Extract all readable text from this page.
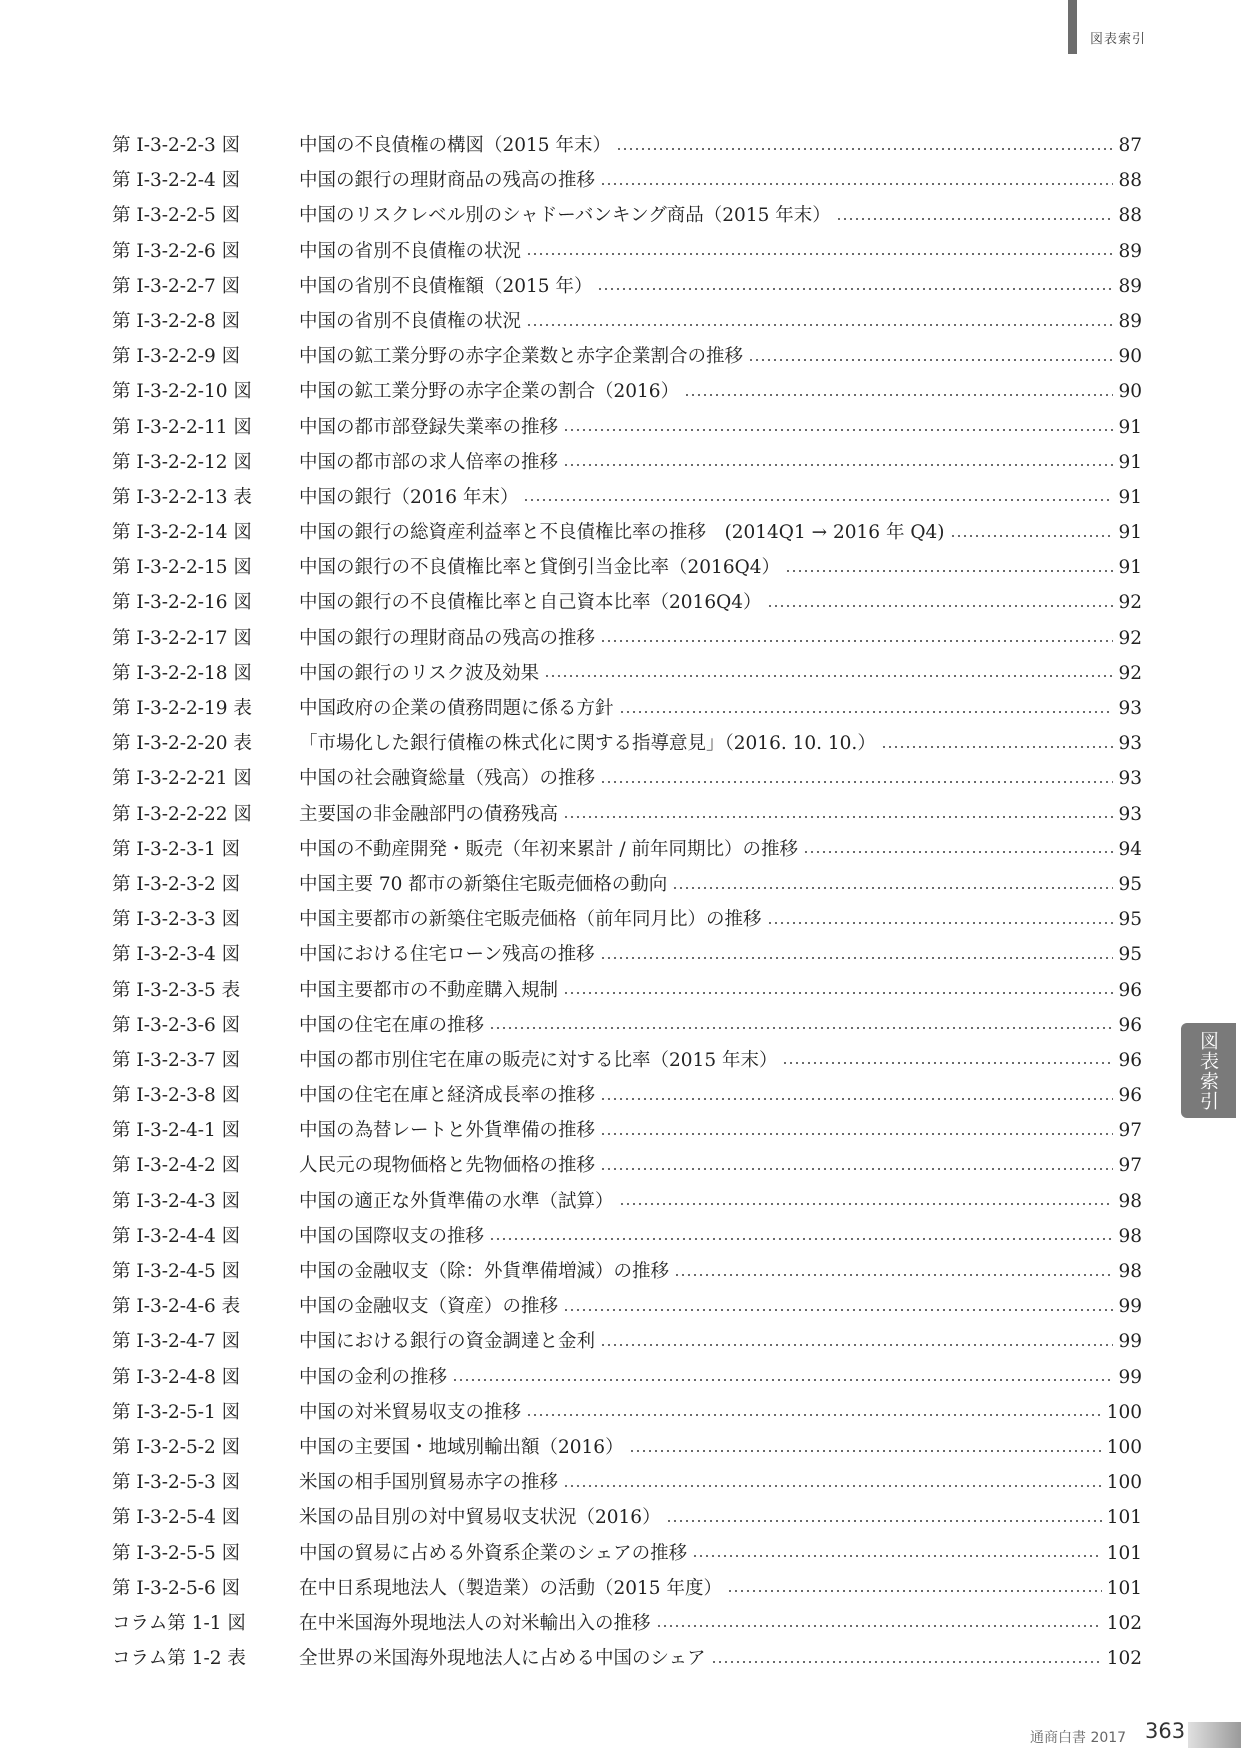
図表索引
第 I-3-2-2-3 図	中国の不良債権の構図（2015 年末）	87
第 I-3-2-2-4 図	中国の銀行の理財商品の残高の推移	88
第 I-3-2-2-5 図	中国のリスクレベル別のシャドーバンキング商品（2015 年末）	88
第 I-3-2-2-6 図	中国の省別不良債権の状況	89
第 I-3-2-2-7 図	中国の省別不良債権額（2015 年）	89
第 I-3-2-2-8 図	中国の省別不良債権の状況	89
第 I-3-2-2-9 図	中国の鉱工業分野の赤字企業数と赤字企業割合の推移	90
第 I-3-2-2-10 図	中国の鉱工業分野の赤字企業の割合（2016）	90
第 I-3-2-2-11 図	中国の都市部登録失業率の推移	91
第 I-3-2-2-12 図	中国の都市部の求人倍率の推移	91
第 I-3-2-2-13 表	中国の銀行（2016 年末）	91
第 I-3-2-2-14 図	中国の銀行の総資産利益率と不良債権比率の推移　(2014Q1 → 2016 年 Q4)	91
第 I-3-2-2-15 図	中国の銀行の不良債権比率と貸倒引当金比率（2016Q4）	91
第 I-3-2-2-16 図	中国の銀行の不良債権比率と自己資本比率（2016Q4）	92
第 I-3-2-2-17 図	中国の銀行の理財商品の残高の推移	92
第 I-3-2-2-18 図	中国の銀行のリスク波及効果	92
第 I-3-2-2-19 表	中国政府の企業の債務問題に係る方針	93
第 I-3-2-2-20 表	「市場化した銀行債権の株式化に関する指導意見」（2016. 10. 10.）	93
第 I-3-2-2-21 図	中国の社会融資総量（残高）の推移	93
第 I-3-2-2-22 図	主要国の非金融部門の債務残高	93
第 I-3-2-3-1 図	中国の不動産開発・販売（年初来累計 / 前年同期比）の推移	94
第 I-3-2-3-2 図	中国主要 70 都市の新築住宅販売価格の動向	95
第 I-3-2-3-3 図	中国主要都市の新築住宅販売価格（前年同月比）の推移	95
第 I-3-2-3-4 図	中国における住宅ローン残高の推移	95
第 I-3-2-3-5 表	中国主要都市の不動産購入規制	96
第 I-3-2-3-6 図	中国の住宅在庫の推移	96
第 I-3-2-3-7 図	中国の都市別住宅在庫の販売に対する比率（2015 年末）	96
第 I-3-2-3-8 図	中国の住宅在庫と経済成長率の推移	96
第 I-3-2-4-1 図	中国の為替レートと外貨準備の推移	97
第 I-3-2-4-2 図	人民元の現物価格と先物価格の推移	97
第 I-3-2-4-3 図	中国の適正な外貨準備の水準（試算）	98
第 I-3-2-4-4 図	中国の国際収支の推移	98
第 I-3-2-4-5 図	中国の金融収支（除：外貨準備増減）の推移	98
第 I-3-2-4-6 表	中国の金融収支（資産）の推移	99
第 I-3-2-4-7 図	中国における銀行の資金調達と金利	99
第 I-3-2-4-8 図	中国の金利の推移	99
第 I-3-2-5-1 図	中国の対米貿易収支の推移	100
第 I-3-2-5-2 図	中国の主要国・地域別輸出額（2016）	100
第 I-3-2-5-3 図	米国の相手国別貿易赤字の推移	100
第 I-3-2-5-4 図	米国の品目別の対中貿易収支状況（2016）	101
第 I-3-2-5-5 図	中国の貿易に占める外資系企業のシェアの推移	101
第 I-3-2-5-6 図	在中日系現地法人（製造業）の活動（2015 年度）	101
コラム第 1-1 図	在中米国海外現地法人の対米輸出入の推移	102
コラム第 1-2 表	全世界の米国海外現地法人に占める中国のシェア	102
図表索引
通商白書 2017 363
